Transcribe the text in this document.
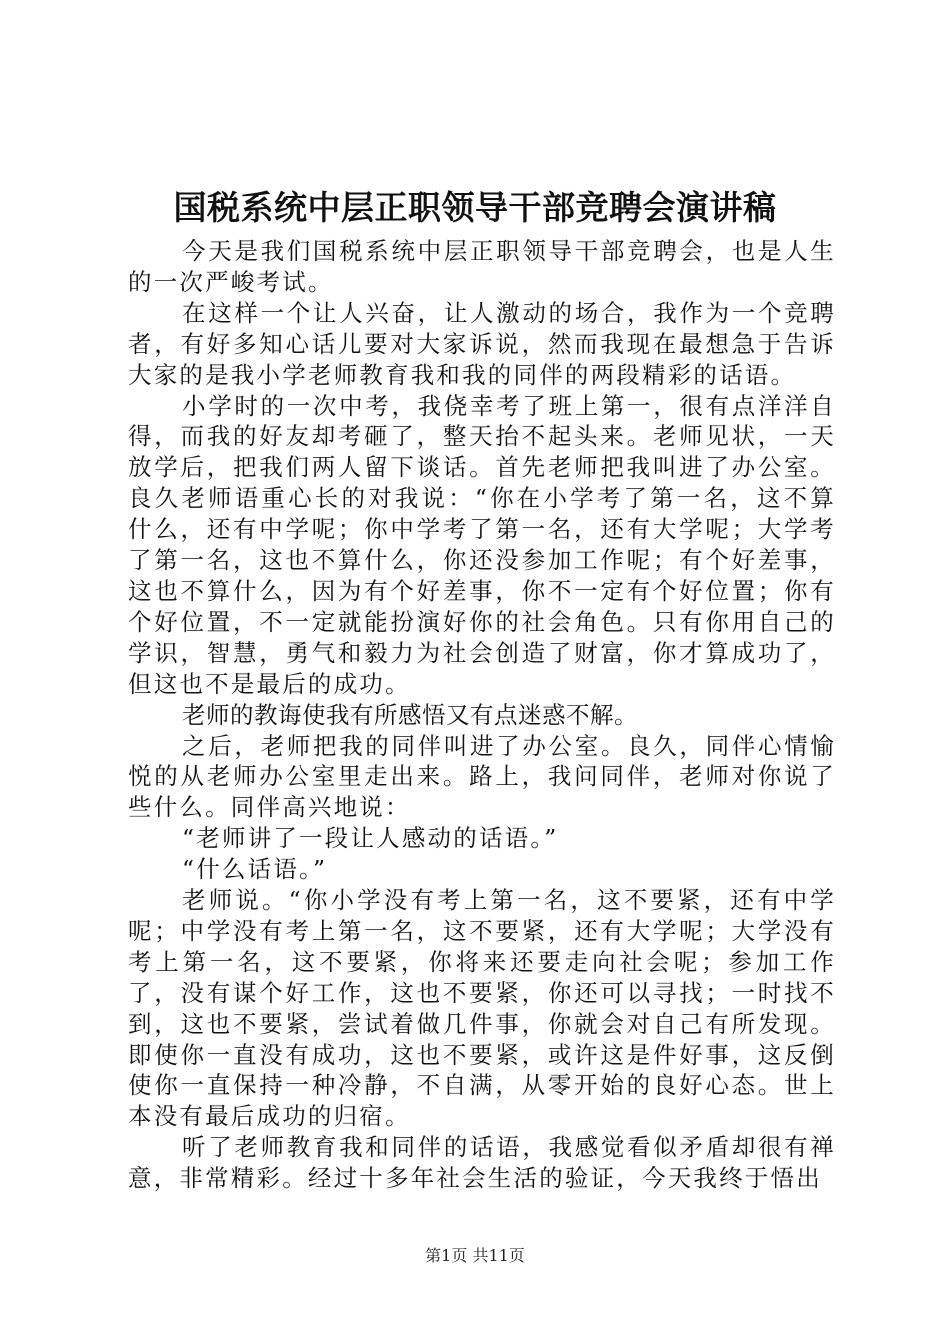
国税系统中层正职领导干部竞聘会演讲稿

今天是我们国税系统中层正职领导干部竞聘会，也是人生的一次严峻考试。

在这样一个让人兴奋，让人激动的场合，我作为一个竞聘者，有好多知心话儿要对大家诉说，然而我现在最想急于告诉大家的是我小学老师教育我和我的同伴的两段精彩的话语。

小学时的一次中考，我侥幸考了班上第一，很有点洋洋自得，而我的好友却考砸了，整天抬不起头来。老师见状，一天放学后，把我们两人留下谈话。首先老师把我叫进了办公室。良久老师语重心长的对我说：“你在小学考了第一名，这不算什么，还有中学呢；你中学考了第一名，还有大学呢；大学考了第一名，这也不算什么，你还没参加工作呢；有个好差事，这也不算什么，因为有个好差事，你不一定有个好位置；你有个好位置，不一定就能扮演好你的社会角色。只有你用自己的学识，智慧，勇气和毅力为社会创造了财富，你才算成功了，但这也不是最后的成功。

老师的教诲使我有所感悟又有点迷惑不解。

之后，老师把我的同伴叫进了办公室。良久，同伴心情愉悦的从老师办公室里走出来。路上，我问同伴，老师对你说了些什么。同伴高兴地说：

“老师讲了一段让人感动的话语。”

“什么话语。”

老师说。“你小学没有考上第一名，这不要紧，还有中学呢；中学没有考上第一名，这不要紧，还有大学呢；大学没有考上第一名，这不要紧，你将来还要走向社会呢；参加工作了，没有谋个好工作，这也不要紧，你还可以寻找；一时找不到，这也不要紧，尝试着做几件事，你就会对自己有所发现。即使你一直没有成功，这也不要紧，或许这是件好事，这反倒使你一直保持一种冷静，不自满，从零开始的良好心态。世上本没有最后成功的归宿。

听了老师教育我和同伴的话语，我感觉看似矛盾却很有禅意，非常精彩。经过十多年社会生活的验证，今天我终于悟出

第1页 共11页
